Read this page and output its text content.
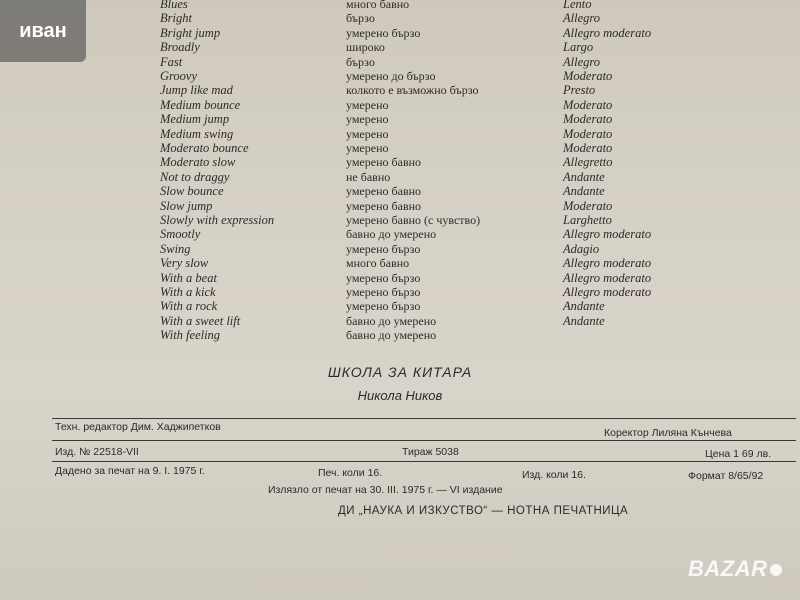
иван
Blues	много бавно	Lento
Bright	бързо	Allegro
Bright jump	умерено бързо	Allegro moderato
Broadly	широко	Largo
Fast	бързо	Allegro
Groovy	умерено до бързо	Moderato
Jump like mad	колкото е възможно бързо	Presto
Medium bounce	умерено	Moderato
Medium jump	умерено	Moderato
Medium swing	умерено	Moderato
Moderato bounce	умерено	Moderato
Moderato slow	умерено бавно	Allegretto
Not to draggy	не бавно	Andante
Slow bounce	умерено бавно	Andante
Slow jump	умерено бавно	Moderato
Slowly with expression	умерено бавно (с чувство)	Larghetto
Smootly	бавно до умерено	Allegro moderato
Swing	умерено бързо	Adagio
Very slow	много бавно	Allegro moderato
With a beat	умерено бързо	Allegro moderato
With a kick	умерено бързо	Allegro moderato
With a rock	умерено бързо	Andante
With a sweet lift	бавно до умерено	Andante
With feeling	бавно до умерено
ШКОЛА ЗА КИТАРА
Никола Ников
Техн. редактор Дим. Хаджипетков	Коректор Лиляна Кънчева
Изд. № 22518-VII	Тираж 5038	Цена 1 69 лв.
Дадено за печат на 9. I. 1975 г.	Печ. коли 16.	Изд. коли 16.	Формат 8/65/92
Излязло от печат на 30. III. 1975 г. — VI издание
ДИ „НАУКА И ИЗКУСТВО“ — НОТНА ПЕЧАТНИЦА
BAZAR
